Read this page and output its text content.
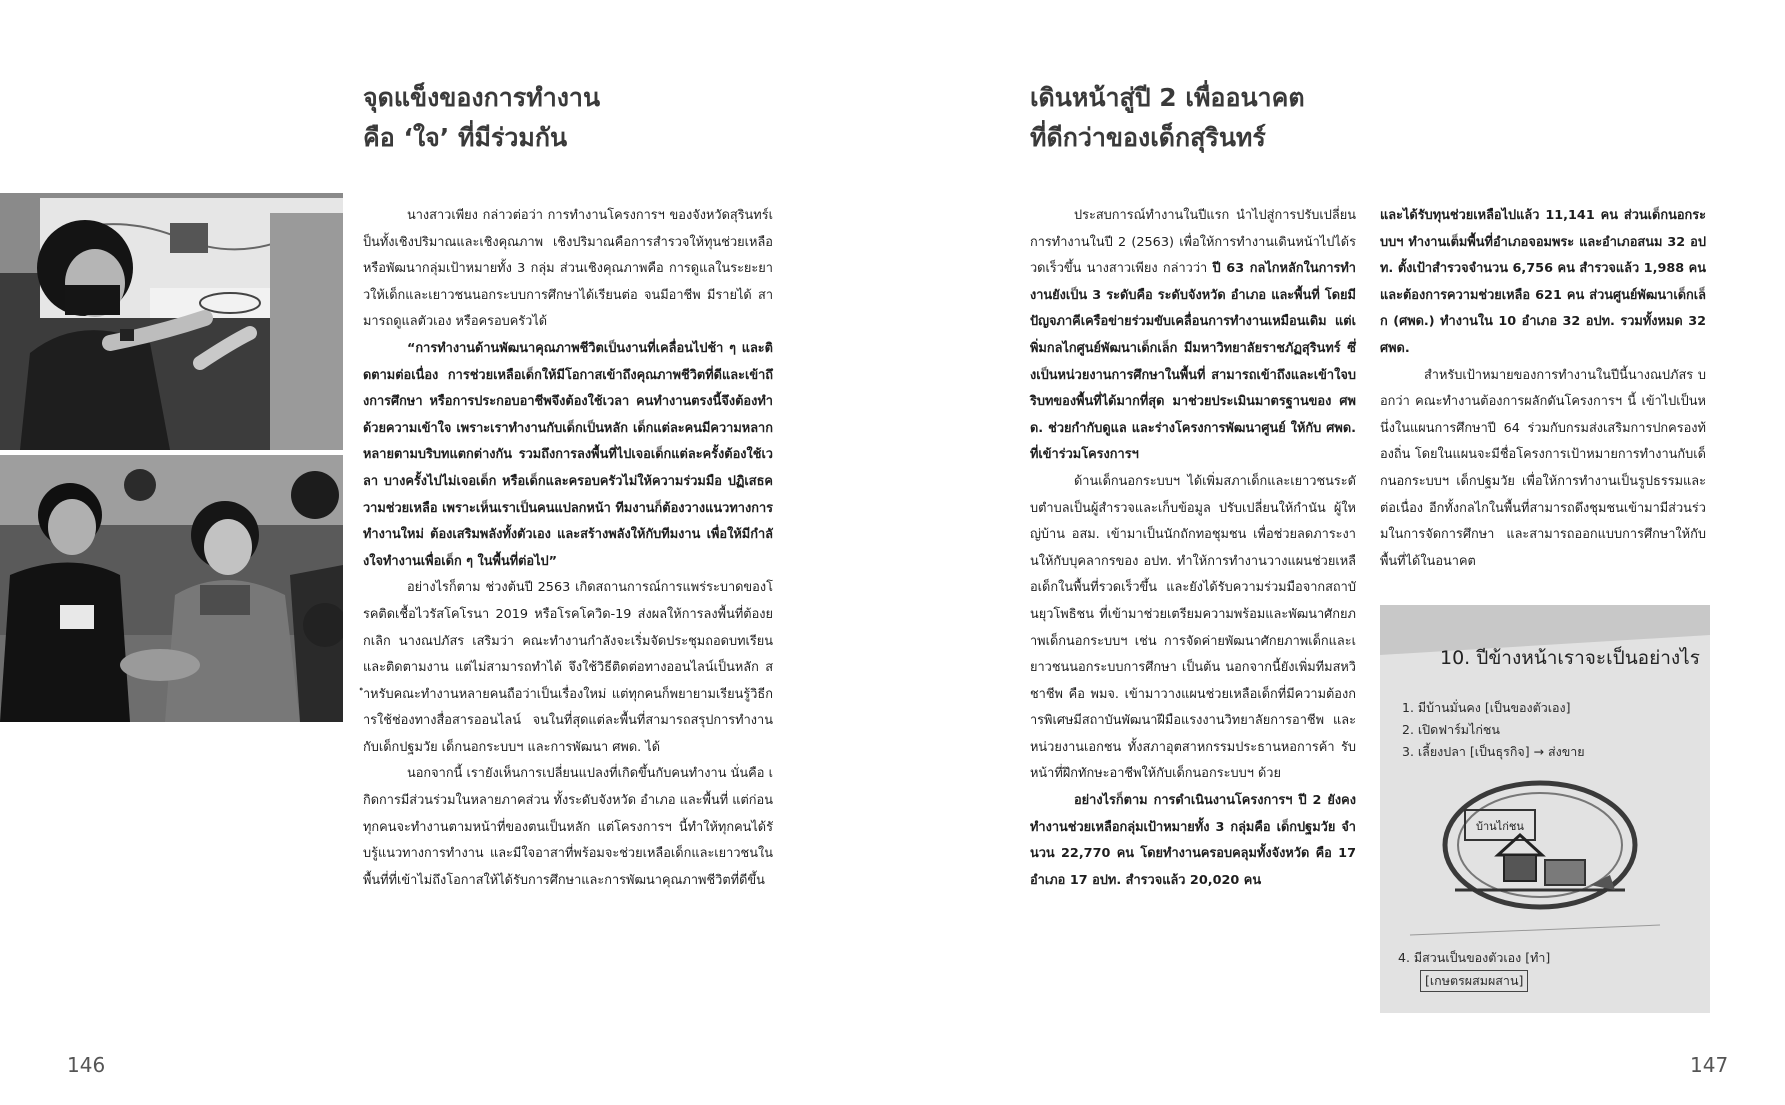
จุดแข็งของการทำงาน
คือ ‘ใจ’ ที่มีร่วมกัน

นางสาวเพียง กล่าวต่อว่า การทำงานโครงการฯ ของจังหวัดสุรินทร์เป็นทั้งเชิงปริมาณและเชิงคุณภาพ เชิงปริมาณคือการสำรวจให้ทุนช่วยเหลือหรือพัฒนากลุ่มเป้าหมายทั้ง 3 กลุ่ม ส่วนเชิงคุณภาพคือ การดูแลในระยะยาวให้เด็กและเยาวชนนอกระบบการศึกษาได้เรียนต่อ จนมีอาชีพ มีรายได้ สามารถดูแลตัวเอง หรือครอบครัวได้

“การทำงานด้านพัฒนาคุณภาพชีวิตเป็นงานที่เคลื่อนไปช้า ๆ และติดตามต่อเนื่อง การช่วยเหลือเด็กให้มีโอกาสเข้าถึงคุณภาพชีวิตที่ดีและเข้าถึงการศึกษา หรือการประกอบอาชีพจึงต้องใช้เวลา คนทำงานตรงนี้จึงต้องทำด้วยความเข้าใจ เพราะเราทำงานกับเด็กเป็นหลัก เด็กแต่ละคนมีความหลากหลายตามบริบทแตกต่างกัน รวมถึงการลงพื้นที่ไปเจอเด็กแต่ละครั้งต้องใช้เวลา บางครั้งไปไม่เจอเด็ก หรือเด็กและครอบครัวไม่ให้ความร่วมมือ ปฏิเสธความช่วยเหลือ เพราะเห็นเราเป็นคนแปลกหน้า ทีมงานก็ต้องวางแนวทางการทำงานใหม่ ต้องเสริมพลังทั้งตัวเอง และสร้างพลังให้กับทีมงาน เพื่อให้มีกำลังใจทำงานเพื่อเด็ก ๆ ในพื้นที่ต่อไป”

อย่างไรก็ตาม ช่วงต้นปี 2563 เกิดสถานการณ์การแพร่ระบาดของโรคติดเชื้อไวรัสโคโรนา 2019 หรือโรคโควิด-19 ส่งผลให้การลงพื้นที่ต้องยกเลิก นางณปภัสร เสริมว่า คณะทำงานกำลังจะเริ่มจัดประชุมถอดบทเรียน และติดตามงาน แต่ไม่สามารถทำได้ จึงใช้วิธีติดต่อทางออนไลน์เป็นหลัก สำหรับคณะทำงานหลายคนถือว่าเป็นเรื่องใหม่ แต่ทุกคนก็พยายามเรียนรู้วิธีการใช้ช่องทางสื่อสารออนไลน์ จนในที่สุดแต่ละพื้นที่สามารถสรุปการทำงานกับเด็กปฐมวัย เด็กนอกระบบฯ และการพัฒนา ศพด. ได้

นอกจากนี้ เรายังเห็นการเปลี่ยนแปลงที่เกิดขึ้นกับคนทำงาน นั่นคือ เกิดการมีส่วนร่วมในหลายภาคส่วน ทั้งระดับจังหวัด อำเภอ และพื้นที่ แต่ก่อนทุกคนจะทำงานตามหน้าที่ของตนเป็นหลัก แต่โครงการฯ นี้ทำให้ทุกคนได้รับรู้แนวทางการทำงาน และมีใจอาสาที่พร้อมจะช่วยเหลือเด็กและเยาวชนในพื้นที่ที่เข้าไม่ถึงโอกาสให้ได้รับการศึกษาและการพัฒนาคุณภาพชีวิตที่ดีขึ้น

146
เดินหน้าสู่ปี 2 เพื่ออนาคต
ที่ดีกว่าของเด็กสุรินทร์

ประสบการณ์ทำงานในปีแรก นำไปสู่การปรับเปลี่ยนการทำงานในปี 2 (2563) เพื่อให้การทำงานเดินหน้าไปได้รวดเร็วขึ้น นางสาวเพียง กล่าวว่า ปี 63 กลไกหลักในการทำงานยังเป็น 3 ระดับคือ ระดับจังหวัด อำเภอ และพื้นที่ โดยมีปัญจภาคีเครือข่ายร่วมขับเคลื่อนการทำงานเหมือนเดิม แต่เพิ่มกลไกศูนย์พัฒนาเด็กเล็ก มีมหาวิทยาลัยราชภัฏสุรินทร์ ซึ่งเป็นหน่วยงานการศึกษาในพื้นที่ สามารถเข้าถึงและเข้าใจบริบทของพื้นที่ได้มากที่สุด มาช่วยประเมินมาตรฐานของ ศพด. ช่วยกำกับดูแล และร่างโครงการพัฒนาศูนย์ ให้กับ ศพด. ที่เข้าร่วมโครงการฯ

ด้านเด็กนอกระบบฯ ได้เพิ่มสภาเด็กและเยาวชนระดับตำบลเป็นผู้สำรวจและเก็บข้อมูล ปรับเปลี่ยนให้กำนัน ผู้ใหญ่บ้าน อสม. เข้ามาเป็นนักถักทอชุมชน เพื่อช่วยลดภาระงานให้กับบุคลากรของ อปท. ทำให้การทำงานวางแผนช่วยเหลือเด็กในพื้นที่รวดเร็วขึ้น และยังได้รับความร่วมมือจากสถาบันยุวโพธิชน ที่เข้ามาช่วยเตรียมความพร้อมและพัฒนาศักยภาพเด็กนอกระบบฯ เช่น การจัดค่ายพัฒนาศักยภาพเด็กและเยาวชนนอกระบบการศึกษา เป็นต้น นอกจากนี้ยังเพิ่มทีมสหวิชาชีพ คือ พมจ. เข้ามาวางแผนช่วยเหลือเด็กที่มีความต้องการพิเศษมีสถาบันพัฒนาฝีมือแรงงานวิทยาลัยการอาชีพ และหน่วยงานเอกชน ทั้งสภาอุตสาหกรรมประธานหอการค้า รับหน้าที่ฝึกทักษะอาชีพให้กับเด็กนอกระบบฯ ด้วย

อย่างไรก็ตาม การดำเนินงานโครงการฯ ปี 2 ยังคงทำงานช่วยเหลือกลุ่มเป้าหมายทั้ง 3 กลุ่มคือ เด็กปฐมวัย จำนวน 22,770 คน โดยทำงานครอบคลุมทั้งจังหวัด คือ 17 อำเภอ 17 อปท. สำรวจแล้ว 20,020 คน

และได้รับทุนช่วยเหลือไปแล้ว 11,141 คน ส่วนเด็กนอกระบบฯ ทำงานเต็มพื้นที่อำเภอจอมพระ และอำเภอสนม 32 อปท. ตั้งเป้าสำรวจจำนวน 6,756 คน สำรวจแล้ว 1,988 คน และต้องการความช่วยเหลือ 621 คน ส่วนศูนย์พัฒนาเด็กเล็ก (ศพด.) ทำงานใน 10 อำเภอ 32 อปท. รวมทั้งหมด 32 ศพด.

สำหรับเป้าหมายของการทำงานในปีนี้นางณปภัสร บอกว่า คณะทำงานต้องการผลักดันโครงการฯ นี้ เข้าไปเป็นหนึ่งในแผนการศึกษาปี 64 ร่วมกับกรมส่งเสริมการปกครองท้องถิ่น โดยในแผนจะมีชื่อโครงการเป้าหมายการทำงานกับเด็กนอกระบบฯ เด็กปฐมวัย เพื่อให้การทำงานเป็นรูปธรรมและต่อเนื่อง อีกทั้งกลไกในพื้นที่สามารถดึงชุมชนเข้ามามีส่วนร่วมในการจัดการศึกษา และสามารถออกแบบการศึกษาให้กับพื้นที่ได้ในอนาคต

10. ปีข้างหน้าเราจะเป็นอย่างไร
1. มีบ้านมั่นคง [เป็นของตัวเอง]
2. เปิดฟาร์มไก่ชน
3. เลี้ยงปลา [เป็นธุรกิจ] → ส่งขาย
บ้านไก่ชน
4. มีสวนเป็นของตัวเอง [ทำ]
[เกษตรผสมผสาน]
147
